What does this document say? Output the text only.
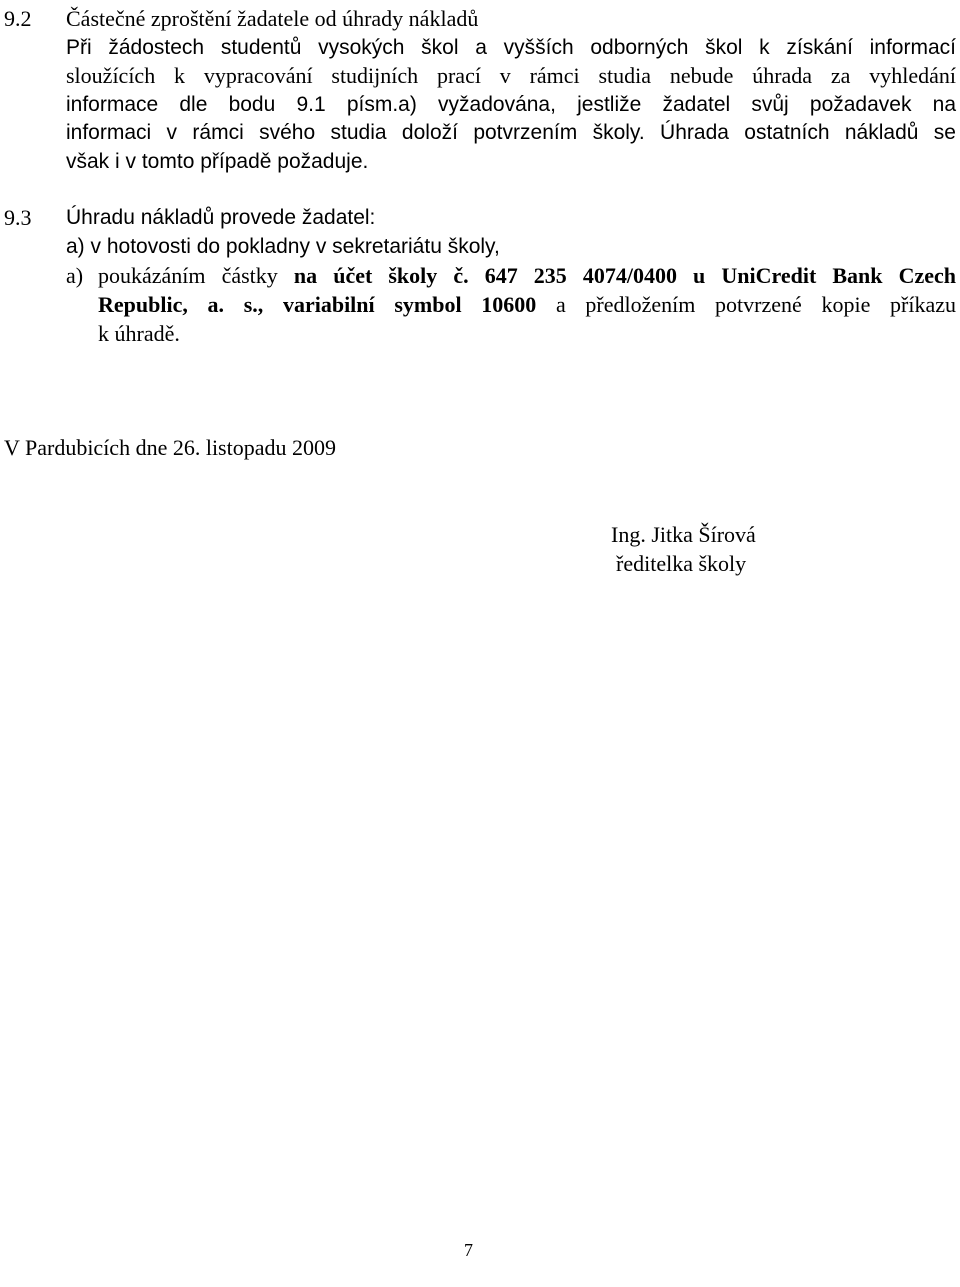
9.2 Částečné zproštění žadatele od úhrady nákladů
Při žádostech studentů vysokých škol a vyšších odborných škol k získání informací
sloužících k vypracování studijních prací v rámci studia nebude úhrada za vyhledání
informace dle bodu 9.1 písm.a) vyžadována, jestliže žadatel svůj požadavek na
informaci v rámci svého studia doloží potvrzením školy. Úhrada ostatních nákladů se
však i v tomto případě požaduje.
9.3 Úhradu nákladů provede žadatel:
a) v hotovosti do pokladny v sekretariátu školy,
a) poukázáním částky na účet školy č. 647 235 4074/0400 u UniCredit Bank Czech
Republic, a. s., variabilní symbol 10600 a předložením potvrzené kopie příkazu
k úhradě.
V Pardubicích dne 26. listopadu 2009
Ing. Jitka Šírová
ředitelka školy
7
